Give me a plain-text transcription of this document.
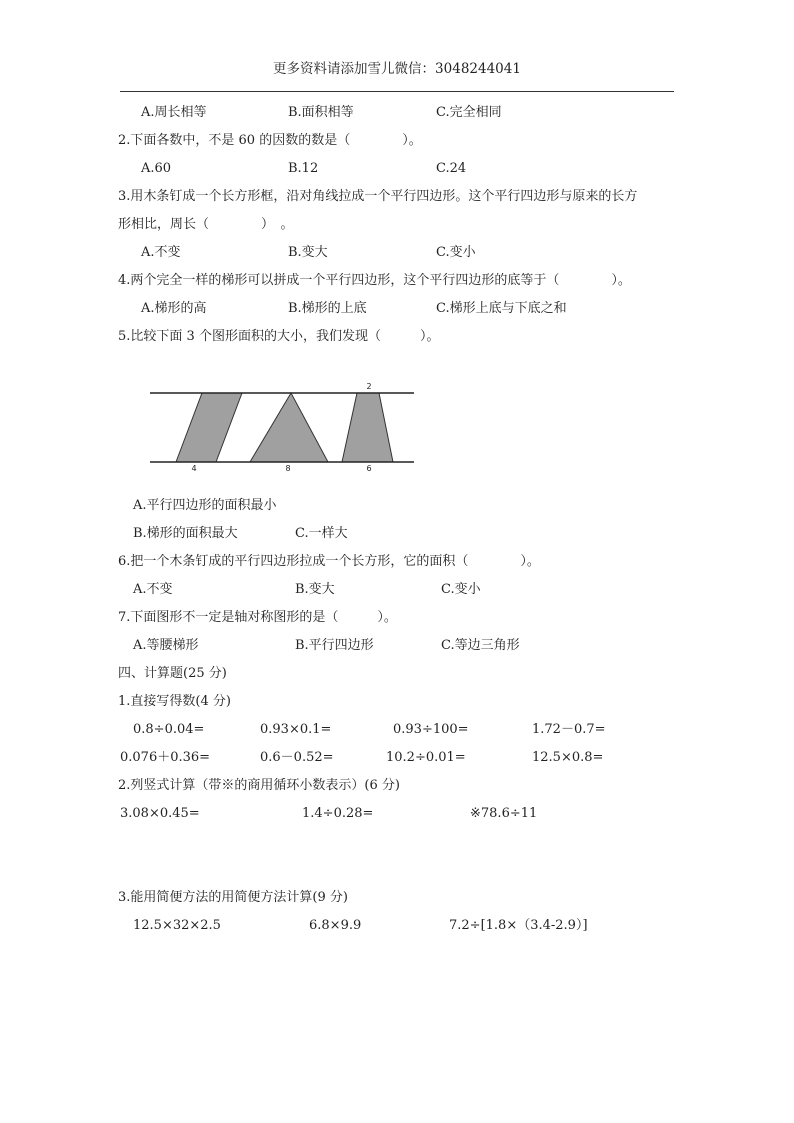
更多资料请添加雪儿微信：3048244041
A.周长相等	B.面积相等	C.完全相同
2.下面各数中，不是 60 的因数的数是（　　　　）。
A.60	B.12	C.24
3.用木条钉成一个长方形框，沿对角线拉成一个平行四边形。这个平行四边形与原来的长方
形相比，周长（　　　　）　。
A.不变	B.变大	C.变小
4.两个完全一样的梯形可以拼成一个平行四边形，这个平行四边形的底等于（　　　　）。
A.梯形的高	B.梯形的上底	C.梯形上底与下底之和
5.比较下面 3 个图形面积的大小，我们发现（　　　）。
2
4	8	6
A.平行四边形的面积最小
B.梯形的面积最大	C.一样大
6.把一个木条钉成的平行四边形拉成一个长方形，它的面积（　　　　）。
A.不变	B.变大	C.变小
7.下面图形不一定是轴对称图形的是（　　　）。
A.等腰梯形	B.平行四边形	C.等边三角形
四、计算题(25 分)
1.直接写得数(4 分)
0.8÷0.04=	0.93×0.1=	0.93÷100=	1.72－0.7=
0.076＋0.36=	0.6－0.52=	10.2÷0.01=	12.5×0.8=
2.列竖式计算（带※的商用循环小数表示）(6 分)
3.08×0.45=	1.4÷0.28=	※78.6÷11
3.能用简便方法的用简便方法计算(9 分)
12.5×32×2.5	6.8×9.9	7.2÷[1.8×（3.4-2.9）]
